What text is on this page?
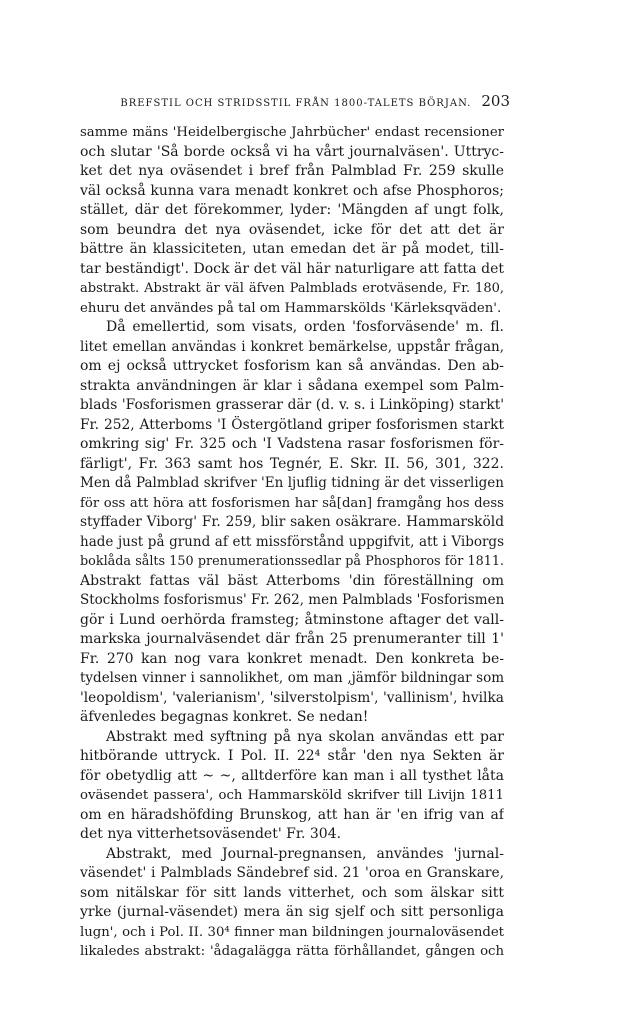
BREFSTIL OCH STRIDSSTIL FRÅN 1800-TALETS BÖRJAN. 203
samme mäns 'Heidelbergische Jahrbücher' endast recensioner
och slutar 'Så borde också vi ha vårt journalväsen'. Uttryc-
ket det nya oväsendet i bref från Palmblad Fr. 259 skulle
väl också kunna vara menadt konkret och afse Phosphoros;
stället, där det förekommer, lyder: 'Mängden af ungt folk,
som beundra det nya oväsendet, icke för det att det är
bättre än klassiciteten, utan emedan det är på modet, till-
tar beständigt'. Dock är det väl här naturligare att fatta det
abstrakt. Abstrakt är väl äfven Palmblads erotväsende, Fr. 180,
ehuru det användes på tal om Hammarskölds 'Kärleksqväden'.
Då emellertid, som visats, orden 'fosforväsende' m. fl.
litet emellan användas i konkret bemärkelse, uppstår frågan,
om ej också uttrycket fosforism kan så användas. Den ab-
strakta användningen är klar i sådana exempel som Palm-
blads 'Fosforismen grasserar där (d. v. s. i Linköping) starkt'
Fr. 252, Atterboms 'I Östergötland griper fosforismen starkt
omkring sig' Fr. 325 och 'I Vadstena rasar fosforismen för-
färligt', Fr. 363 samt hos Tegnér, E. Skr. II. 56, 301, 322.
Men då Palmblad skrifver 'En ljuflig tidning är det visserligen
för oss att höra att fosforismen har så[dan] framgång hos dess
styffader Viborg' Fr. 259, blir saken osäkrare. Hammarsköld
hade just på grund af ett missförstånd uppgifvit, att i Viborgs
boklåda sålts 150 prenumerationssedlar på Phosphoros för 1811.
Abstrakt fattas väl bäst Atterboms 'din föreställning om
Stockholms fosforismus' Fr. 262, men Palmblads 'Fosforismen
gör i Lund oerhörda framsteg; åtminstone aftager det vall-
markska journalväsendet där från 25 prenumeranter till 1'
Fr. 270 kan nog vara konkret menadt. Den konkreta be-
tydelsen vinner i sannolikhet, om man ,jämför bildningar som
'leopoldism', 'valerianism', 'silverstolpism', 'vallinism', hvilka
äfvenledes begagnas konkret. Se nedan!
Abstrakt med syftning på nya skolan användas ett par
hitbörande uttryck. I Pol. II. 22⁴ står 'den nya Sekten är
för obetydlig att ~ ~, alltderföre kan man i all tysthet låta
oväsendet passera', och Hammarsköld skrifver till Livijn 1811
om en häradshöfding Brunskog, att han är 'en ifrig van af
det nya vitterhetsoväsendet' Fr. 304.
Abstrakt, med Journal-pregnansen, användes 'jurnal-
väsendet' i Palmblads Sändebref sid. 21 'oroa en Granskare,
som nitälskar för sitt lands vitterhet, och som älskar sitt
yrke (jurnal-väsendet) mera än sig sjelf och sitt personliga
lugn', och i Pol. II. 30⁴ finner man bildningen journaloväsendet
likaledes abstrakt: 'ådagalägga rätta förhållandet, gången och
